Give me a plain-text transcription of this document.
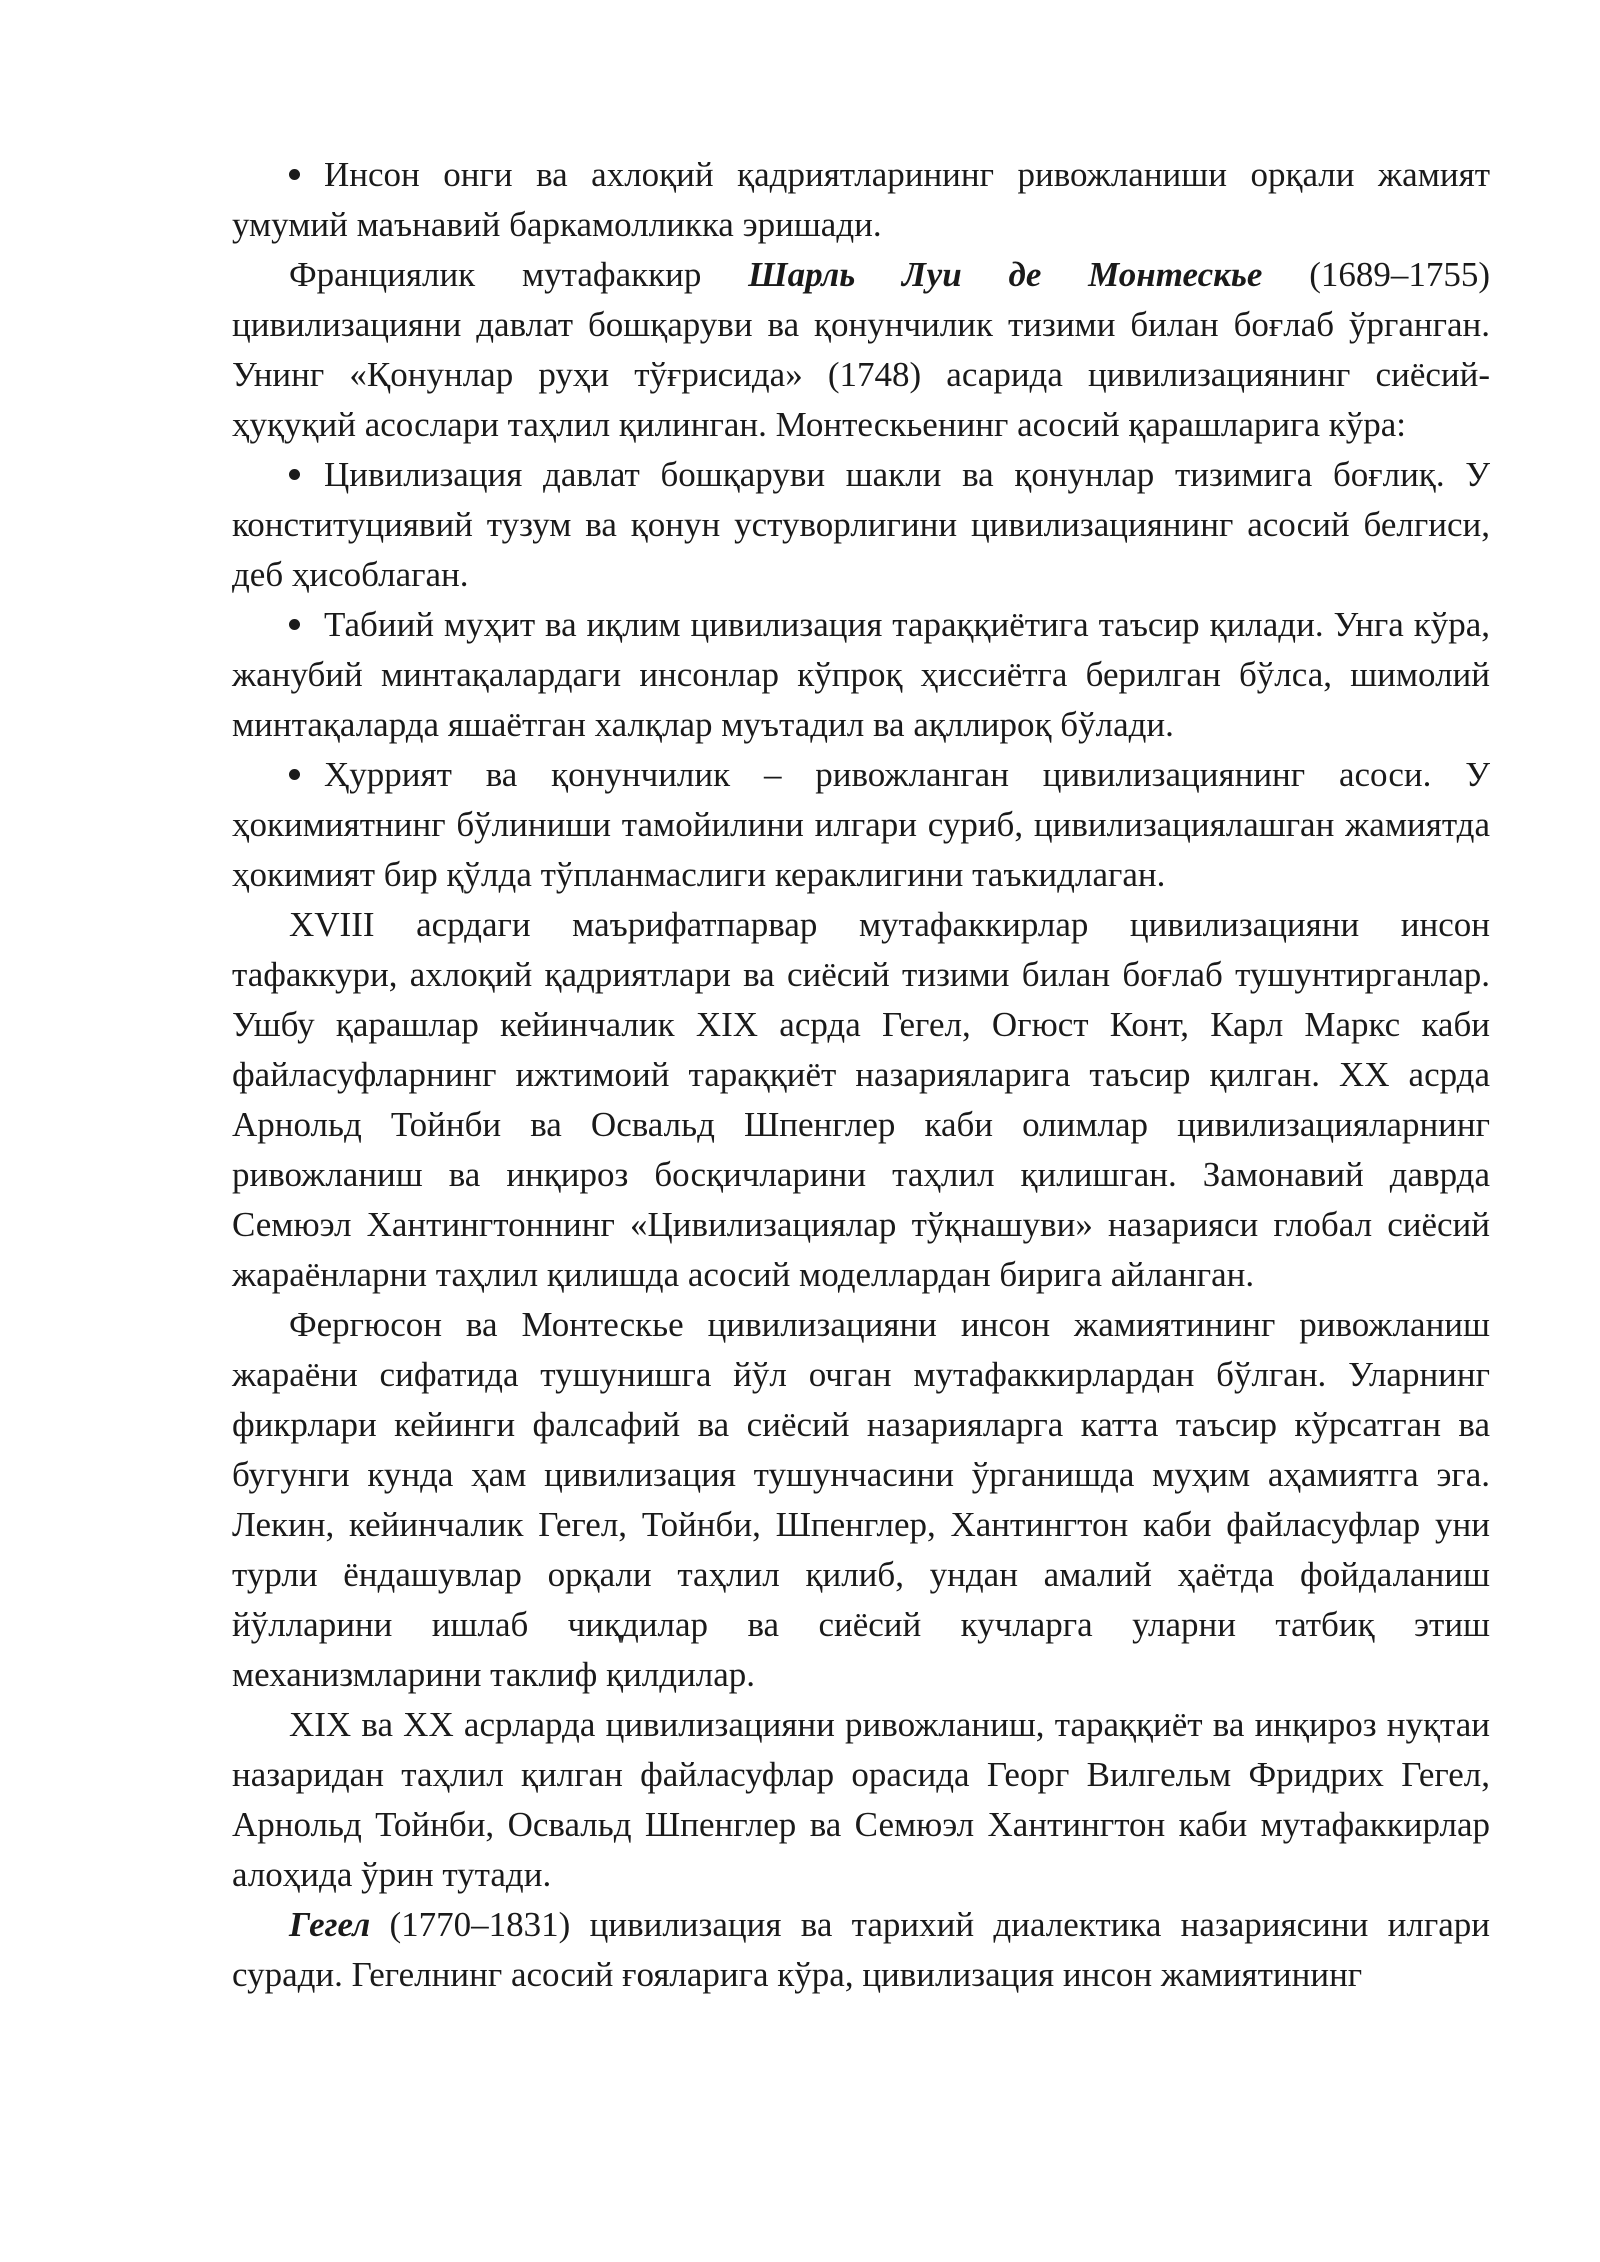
Инсон онги ва ахлоқий қадриятларининг ривожланиши орқали жамият умумий маънавий баркамолликка эришади.

Франциялик мутафаккир Шарль Луи де Монтескье (1689–1755) цивилизацияни давлат бошқаруви ва қонунчилик тизими билан боғлаб ўрганган. Унинг «Қонунлар руҳи тўғрисида» (1748) асарида цивилизациянинг сиёсий-ҳуқуқий асослари таҳлил қилинган. Монтескьенинг асосий қарашларига кўра:

Цивилизация давлат бошқаруви шакли ва қонунлар тизимига боғлиқ. У конституциявий тузум ва қонун устуворлигини цивилизациянинг асосий белгиси, деб ҳисоблаган.

Табиий муҳит ва иқлим цивилизация тараққиётига таъсир қилади. Унга кўра, жанубий минтақалардаги инсонлар кўпроқ ҳиссиётга берилган бўлса, шимолий минтақаларда яшаётган халқлар муътадил ва ақллироқ бўлади.

Ҳуррият ва қонунчилик – ривожланган цивилизациянинг асоси. У ҳокимиятнинг бўлиниши тамойилини илгари суриб, цивилизациялашган жамиятда ҳокимият бир қўлда тўпланмаслиги кераклигини таъкидлаган.

XVIII асрдаги маърифатпарвар мутафаккирлар цивилизацияни инсон тафаккури, ахлоқий қадриятлари ва сиёсий тизими билан боғлаб тушунтирганлар. Ушбу қарашлар кейинчалик XIX асрда Гегел, Огюст Конт, Карл Маркс каби файласуфларнинг ижтимоий тараққиёт назарияларига таъсир қилган. XX асрда Арнольд Тойнби ва Освальд Шпенглер каби олимлар цивилизацияларнинг ривожланиш ва инқироз босқичларини таҳлил қилишган. Замонавий даврда Семюэл Хантингтоннинг «Цивилизациялар тўқнашуви» назарияси глобал сиёсий жараёнларни таҳлил қилишда асосий моделлардан бирига айланган.

Фергюсон ва Монтескье цивилизацияни инсон жамиятининг ривожланиш жараёни сифатида тушунишга йўл очган мутафаккирлардан бўлган. Уларнинг фикрлари кейинги фалсафий ва сиёсий назарияларга катта таъсир кўрсатган ва бугунги кунда ҳам цивилизация тушунчасини ўрганишда муҳим аҳамиятга эга. Лекин, кейинчалик Гегел, Тойнби, Шпенглер, Хантингтон каби файласуфлар уни турли ёндашувлар орқали таҳлил қилиб, ундан амалий ҳаётда фойдаланиш йўлларини ишлаб чиқдилар ва сиёсий кучларга уларни татбиқ этиш механизмларини таклиф қилдилар.

XIX ва XX асрларда цивилизацияни ривожланиш, тараққиёт ва инқироз нуқтаи назаридан таҳлил қилган файласуфлар орасида Георг Вилгельм Фридрих Гегел, Арнольд Тойнби, Освальд Шпенглер ва Семюэл Хантингтон каби мутафаккирлар алоҳида ўрин тутади.

Гегел (1770–1831) цивилизация ва тарихий диалектика назариясини илгари суради. Гегелнинг асосий ғояларига кўра, цивилизация инсон жамиятининг
